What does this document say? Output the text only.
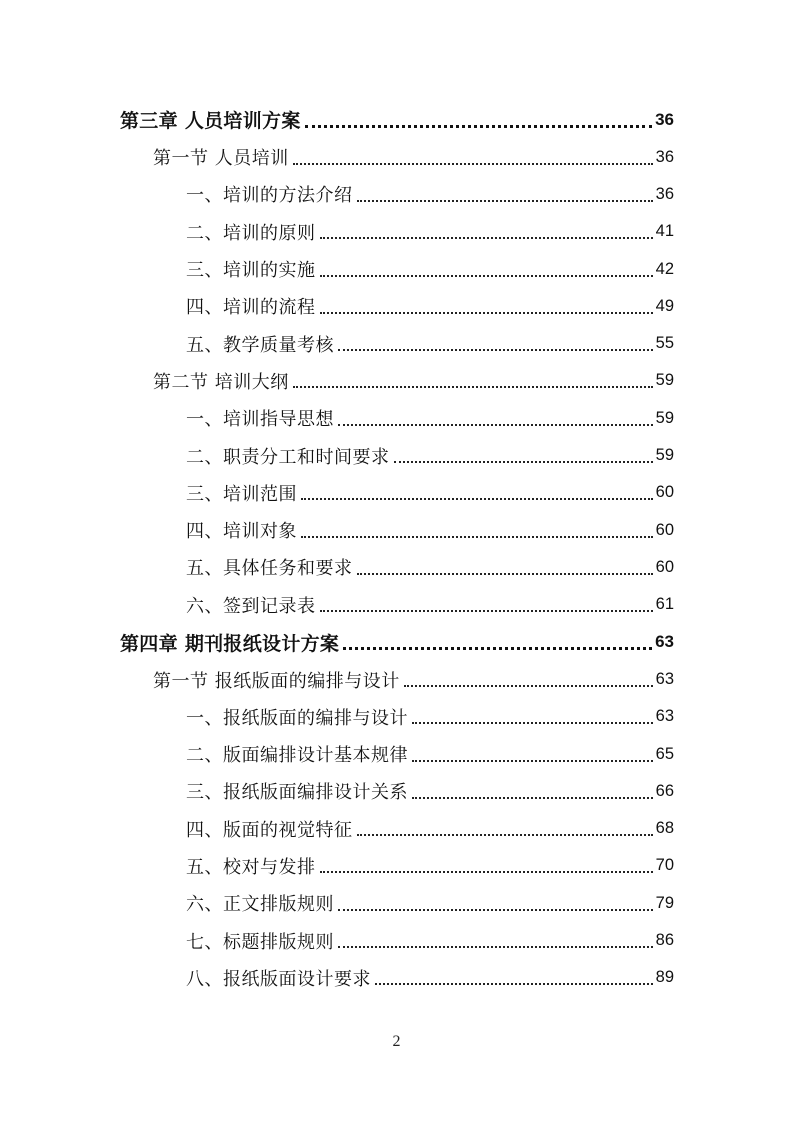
第三章 人员培训方案	36
第一节 人员培训	36
一、培训的方法介绍	36
二、培训的原则	41
三、培训的实施	42
四、培训的流程	49
五、教学质量考核	55
第二节 培训大纲	59
一、培训指导思想	59
二、职责分工和时间要求	59
三、培训范围	60
四、培训对象	60
五、具体任务和要求	60
六、签到记录表	61
第四章 期刊报纸设计方案	63
第一节 报纸版面的编排与设计	63
一、报纸版面的编排与设计	63
二、版面编排设计基本规律	65
三、报纸版面编排设计关系	66
四、版面的视觉特征	68
五、校对与发排	70
六、正文排版规则	79
七、标题排版规则	86
八、报纸版面设计要求	89
2
